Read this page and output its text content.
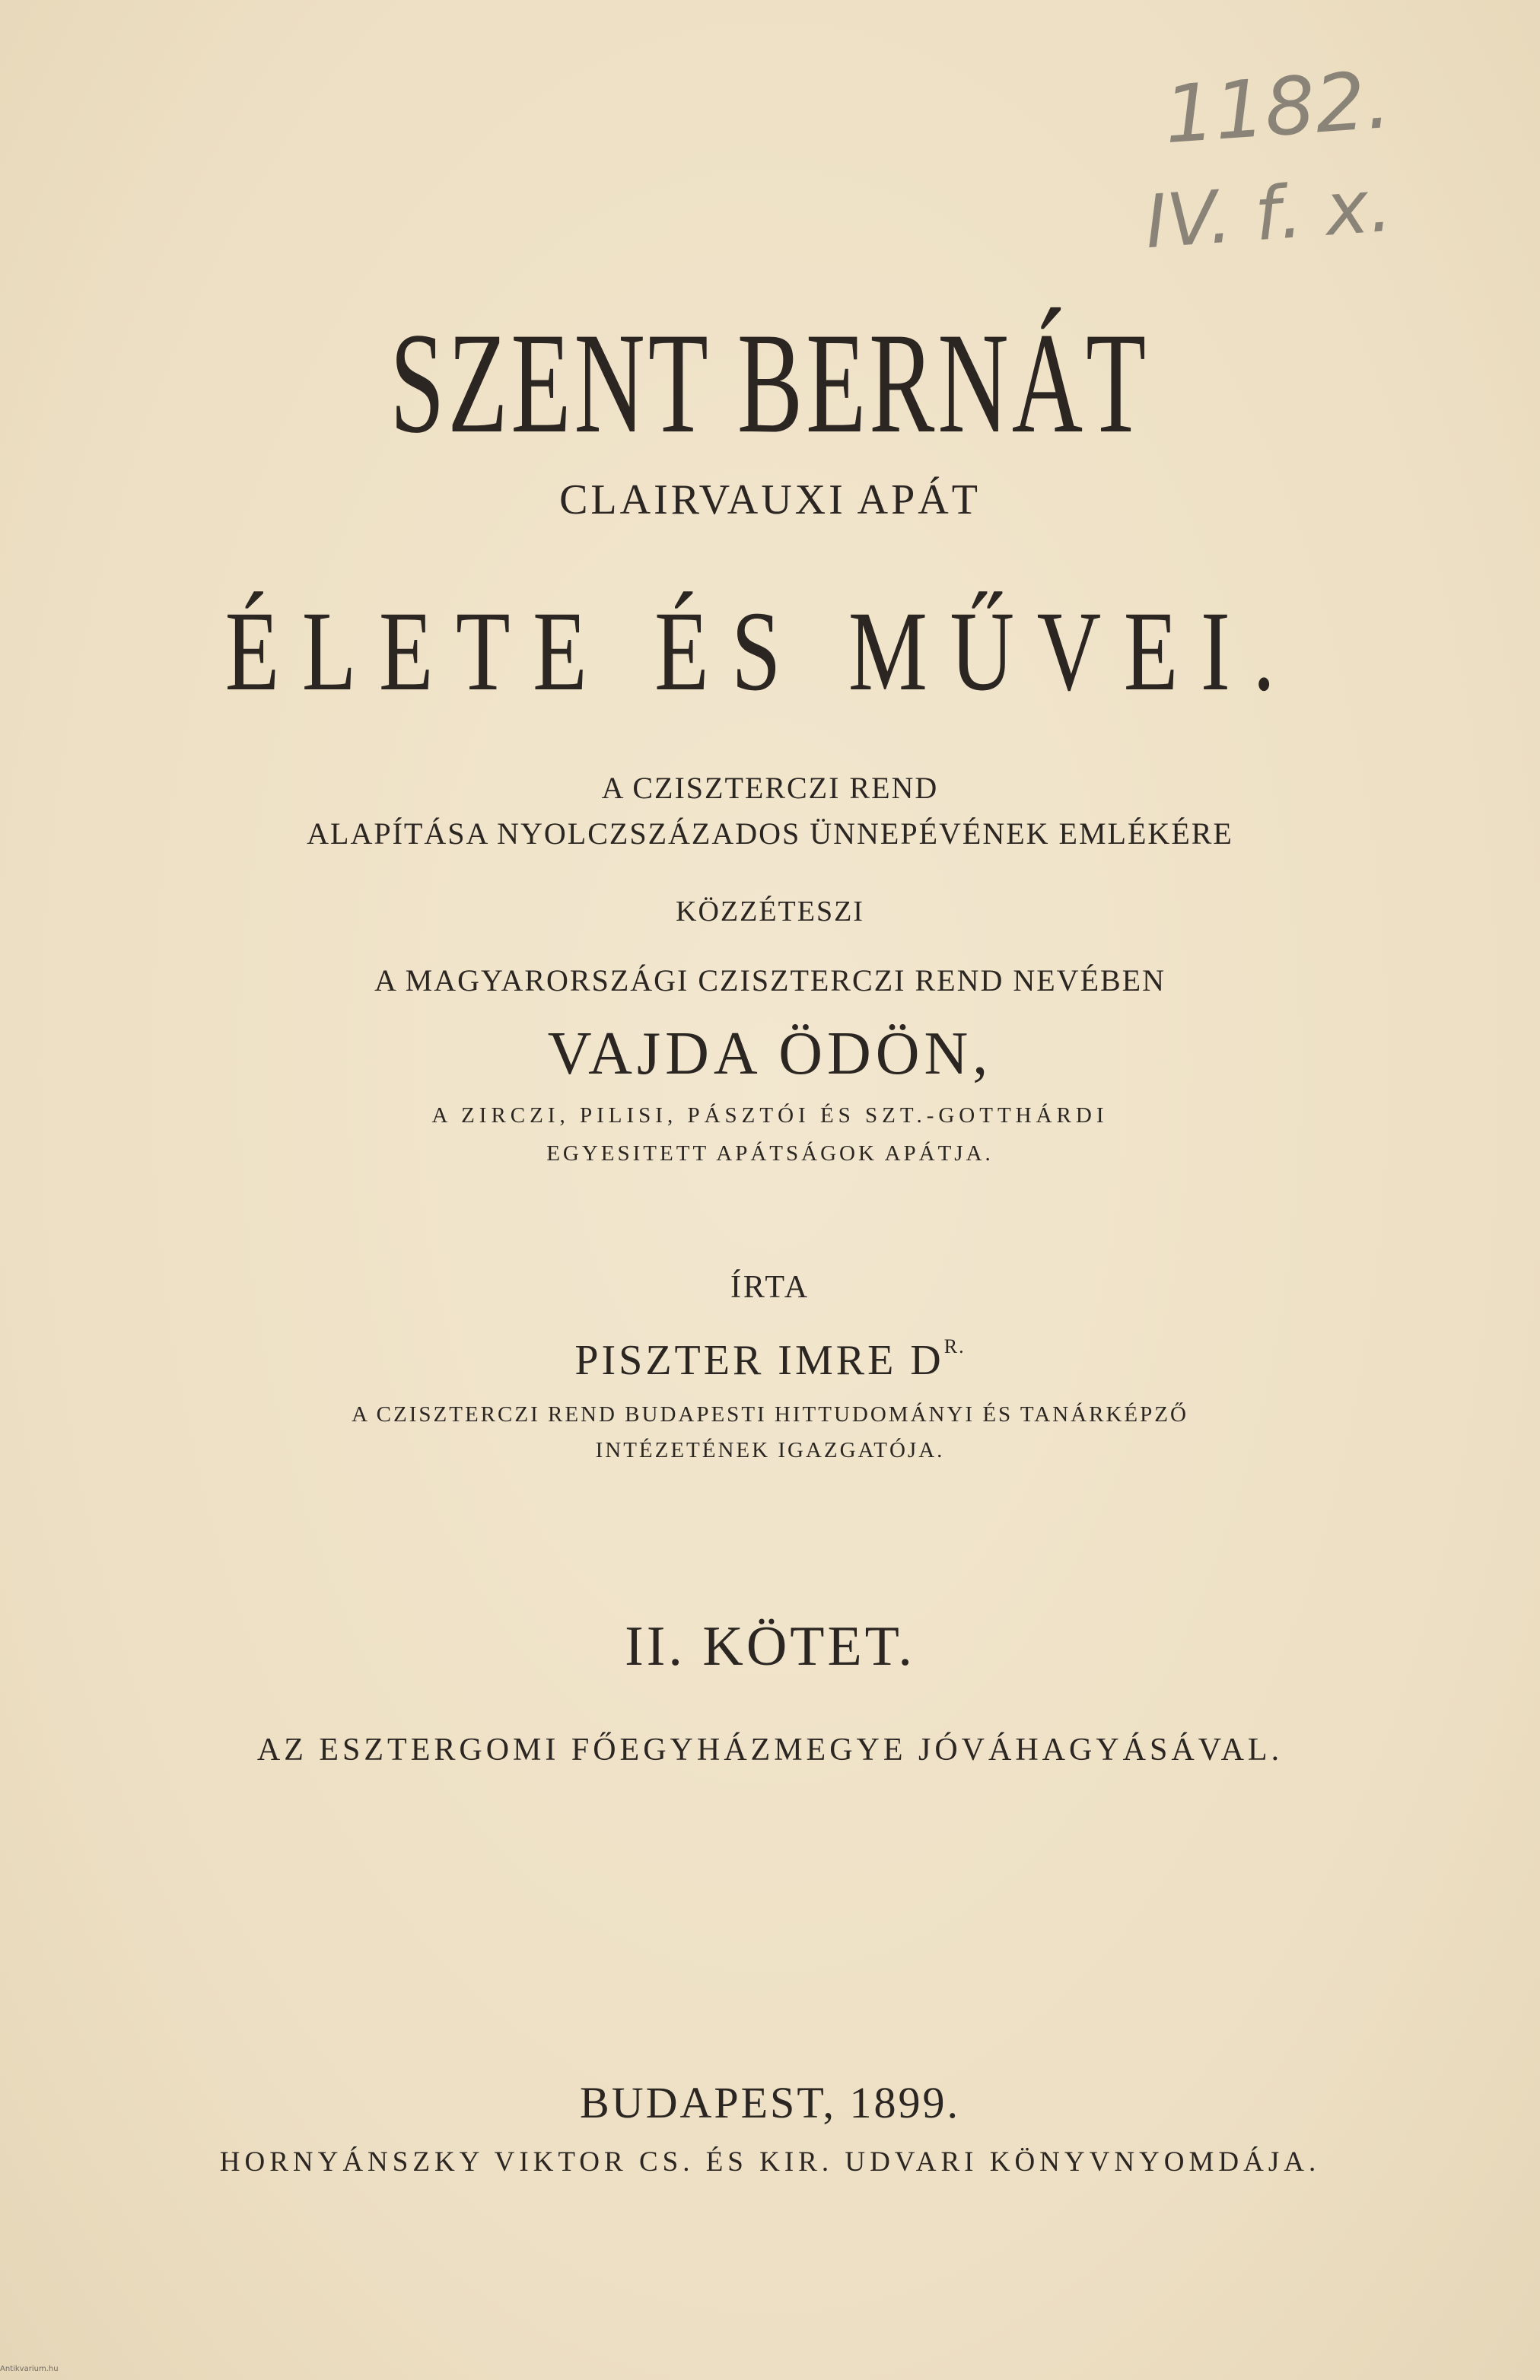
1182.
IV. f. x.
SZENT BERNÁT
CLAIRVAUXI APÁT
ÉLETE ÉS MŰVEI.
A CZISZTERCZI REND
ALAPÍTÁSA NYOLCZSZÁZADOS ÜNNEPÉVÉNEK EMLÉKÉRE
KÖZZÉTESZI
A MAGYARORSZÁGI CZISZTERCZI REND NEVÉBEN
VAJDA ÖDÖN,
A ZIRCZI, PILISI, PÁSZTÓI ÉS SZT.-GOTTHÁRDI
EGYESITETT APÁTSÁGOK APÁTJA.
ÍRTA
PISZTER IMRE $D^{R.}$
A CZISZTERCZI REND BUDAPESTI HITTUDOMÁNYI ÉS TANÁRKÉPZŐ
INTÉZETÉNEK IGAZGATÓJA.
II. KÖTET.
AZ ESZTERGOMI FŐEGYHÁZMEGYE JÓVÁHAGYÁSÁVAL.
BUDAPEST, 1899.
HORNYÁNSZKY VIKTOR CS. ÉS KIR. UDVARI KÖNYVNYOMDÁJA.
Antikvarium.hu
